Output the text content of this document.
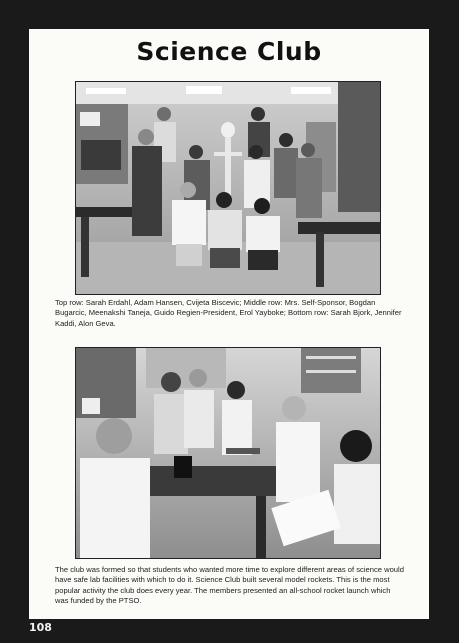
Science Club
Top row: Sarah Erdahl, Adam Hansen, Cvijeta Biscevic; Middle row: Mrs. Self-Sponsor, Bogdan Bugarcic, Meenakshi Taneja, Guido Regien-President, Erol Yayboke; Bottom row: Sarah Bjork, Jennifer Kaddi, Alon Geva.
The club was formed so that students who wanted more time to explore different areas of science would have safe lab facilities with which to do it. Science Club built several model rockets. This is the most popular activity the club does every year. The members presented an all-school rocket launch which was funded by the PTSO.
108
